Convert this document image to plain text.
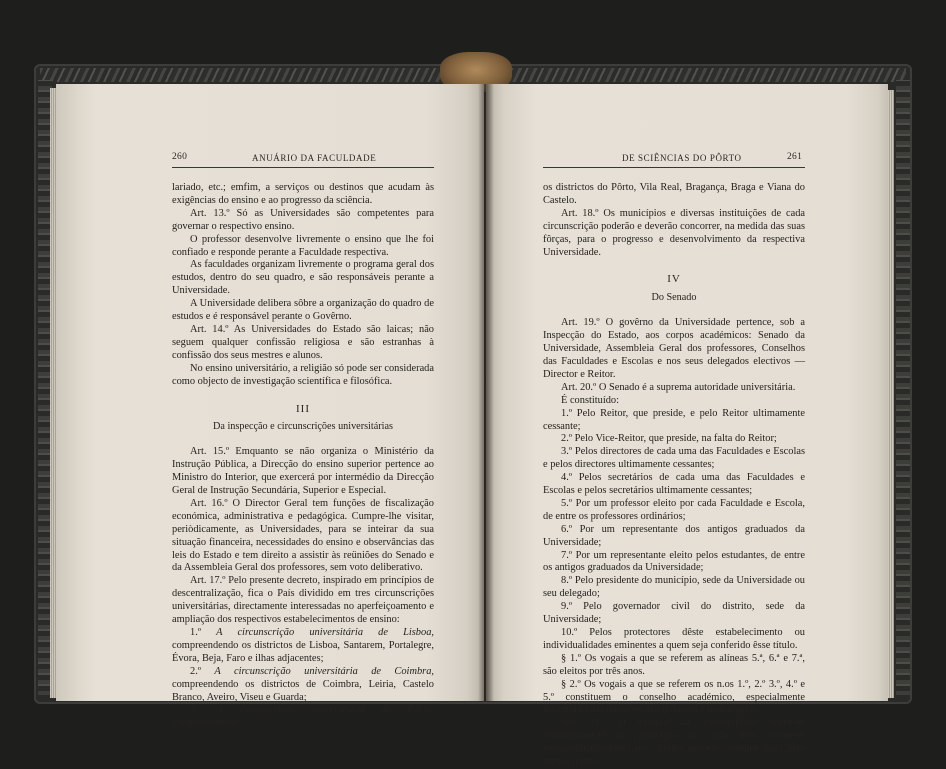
260	ANUÁRIO DA FACULDADE

lariado, etc.; emfim, a serviços ou destinos que acudam às exigências do ensino e ao progresso da sciência.

Art. 13.º Só as Universidades são competentes para governar o respectivo ensino.

O professor desenvolve livremente o ensino que lhe foi confiado e responde perante a Faculdade respectiva.

As faculdades organizam livremente o programa geral dos estudos, dentro do seu quadro, e são responsáveis perante a Universidade.

A Universidade delibera sôbre a organização do quadro de estudos e é responsável perante o Govêrno.

Art. 14.º As Universidades do Estado são laicas; não seguem qualquer confissão religiosa e são estranhas à confissão dos seus mestres e alunos.

No ensino universitário, a religião só pode ser considerada como objecto de investigação scientífica e filosófica.

III
Da inspecção e circunscrições universitárias

Art. 15.º Emquanto se não organiza o Ministério da Instrução Pública, a Direcção do ensino superior pertence ao Ministro do Interior, que exercerá por intermédio da Direcção Geral de Instrução Secundária, Superior e Especial.

Art. 16.º O Director Geral tem funções de fiscalização económica, administrativa e pedagógica. Cumpre-lhe visitar, periòdicamente, as Universidades, para se inteirar da sua situação financeira, necessidades do ensino e observâncias das leis do Estado e tem direito a assistir às reüniões do Senado e da Assembleia Geral dos professores, sem voto deliberativo.

Art. 17.º Pelo presente decreto, inspirado em princípios de descentralização, fica o País dividido em tres circunscrições universitárias, directamente interessadas no aperfeiçoamento e ampliação dos respectivos estabelecimentos de ensino:

1.º A circunscrição universitária de Lisboa, compreendendo os districtos de Lisboa, Santarem, Portalegre, Évora, Beja, Faro e ilhas adjacentes;

2.º A circunscrição universitária de Coimbra, compreendendo os districtos de Coimbra, Leiria, Castelo Branco, Aveiro, Viseu e Guarda;

3.º A circunscrição universitária do Pôrto, compreendendo

DE SCIÊNCIAS DO PÔRTO	261

os districtos do Pôrto, Vila Real, Bragança, Braga e Viana do Castelo.

Art. 18.º Os municípios e diversas instituições de cada circunscrição poderão e deverão concorrer, na medida das suas fôrças, para o progresso e desenvolvimento da respectiva Universidade.

IV
Do Senado

Art. 19.º O govêrno da Universidade pertence, sob a Inspecção do Estado, aos corpos académicos: Senado da Universidade, Assembleia Geral dos professores, Conselhos das Faculdades e Escolas e nos seus delegados electivos — Director e Reitor.

Art. 20.º O Senado é a suprema autoridade universitária.

É constituído:

1.º Pelo Reitor, que preside, e pelo Reitor ultimamente cessante;

2.º Pelo Vice-Reitor, que preside, na falta do Reitor;

3.º Pelos directores de cada uma das Faculdades e Escolas e pelos directores ultimamente cessantes;

4.º Pelos secretários de cada uma das Faculdades e Escolas e pelos secretários ultimamente cessantes;

5.º Por um professor eleito por cada Faculdade e Escola, de entre os professores ordinários;

6.º Por um representante dos antigos graduados da Universidade;

7.º Por um representante eleito pelos estudantes, de entre os antigos graduados da Universidade;

8.º Pelo presidente do município, sede da Universidade ou seu delegado;

9.º Pelo governador civil do distrito, sede da Universidade;

10.º Pelos protectores dêste estabelecimento ou individualidades eminentes a quem seja conferido êsse título.

§ 1.º Os vogais a que se referem as alíneas 5.ª, 6.ª e 7.ª, são eleitos por três anos.

§ 2.º Os vogais a que se referem os n.os 1.º, 2.º 3.º, 4.º e 5.º constituem o conselho académico, especialmente incumbido das questões disciplinares e pedagógicas.

Art. 21.º O Senado da Universidade reune-se ordinàriamente no princípio de cada mês; reune-se extraordinàriamente, por direito próprio, sempre que, pelo menos, cinco
